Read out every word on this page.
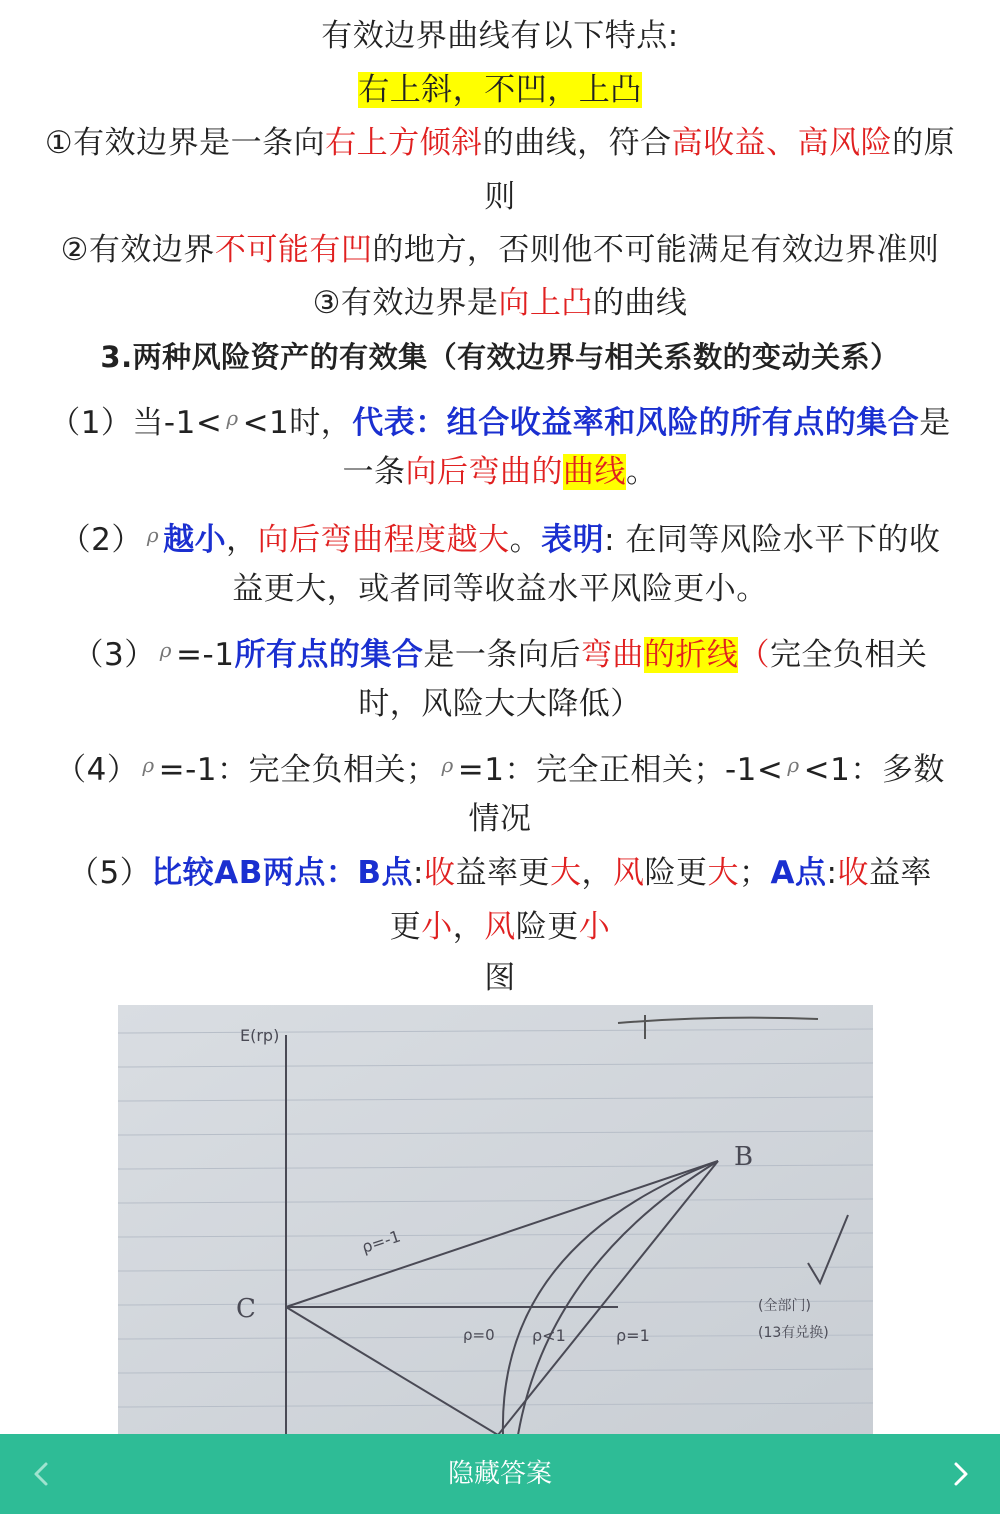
有效边界曲线有以下特点:
右上斜，不凹，上凸
①有效边界是一条向右上方倾斜的曲线，符合高收益、高风险的原
则
②有效边界不可能有凹的地方，否则他不可能满足有效边界准则
③有效边界是向上凸的曲线
3.两种风险资产的有效集（有效边界与相关系数的变动关系）
（1）当-1< $^\rho$ <1时，代表：组合收益率和风险的所有点的集合是
一条向后弯曲的曲线。
（2） $^\rho$ 越小，向后弯曲程度越大。表明: 在同等风险水平下的收
益更大，或者同等收益水平风险更小。
（3） $^\rho$ =-1所有点的集合是一条向后弯曲的折线（完全负相关
时，风险大大降低）
（4） $^\rho$ =-1：完全负相关； $^\rho$ =1：完全正相关；-1< $^\rho$ <1：多数
情况
（5）比较AB两点：B点:收益率更大，风险更大；A点:收益率
更小，风险更小
图
E(rp)
B
C
ρ=-1
ρ=0 ρ<1	ρ=1
(全部门)
(13有兑换)
隐藏答案
